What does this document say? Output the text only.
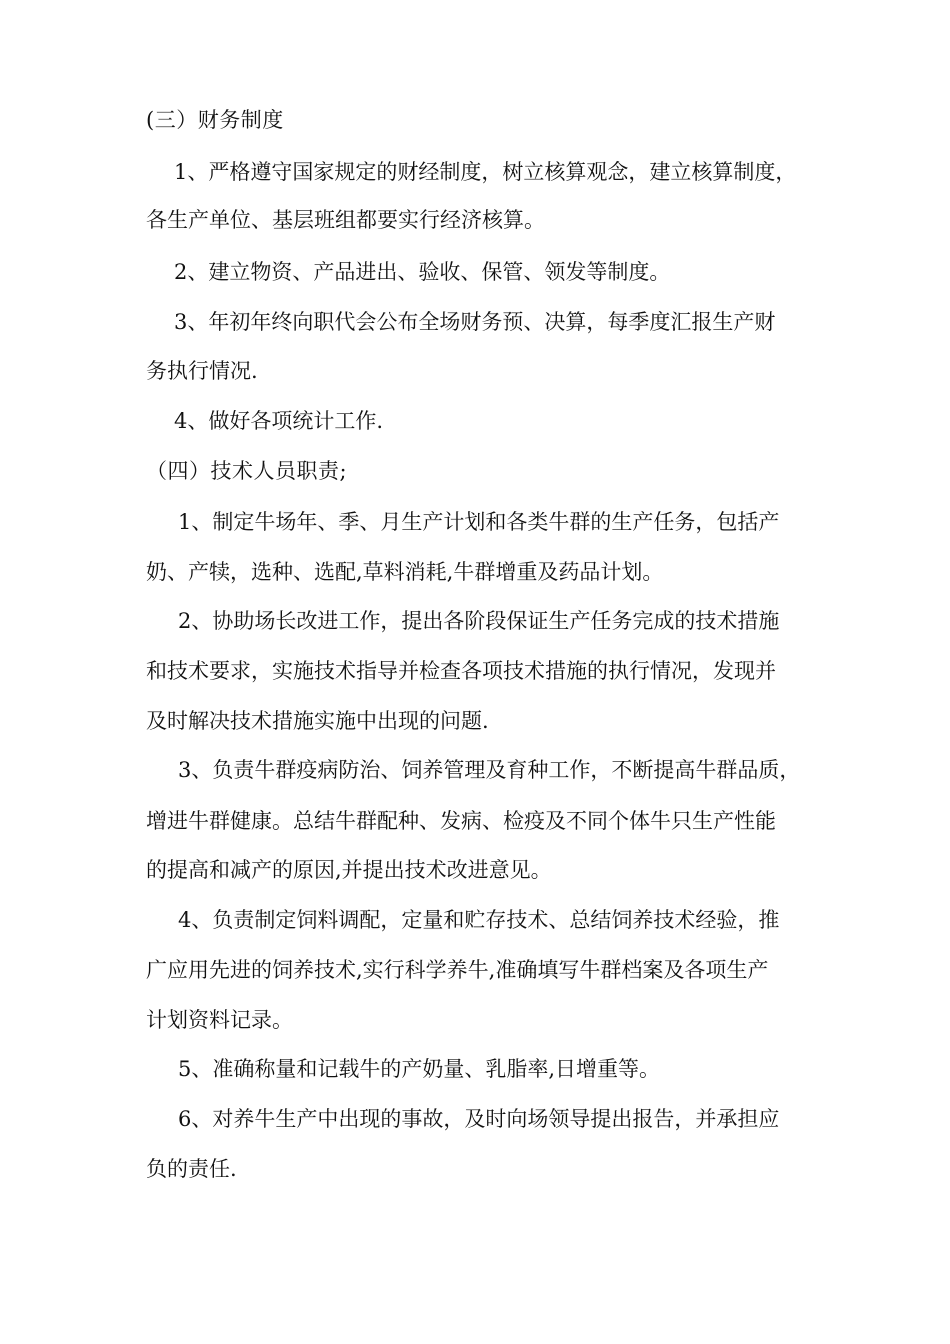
(三）财务制度
1、严格遵守国家规定的财经制度，树立核算观念，建立核算制度，
各生产单位、基层班组都要实行经济核算。
2、建立物资、产品进出、验收、保管、领发等制度。
3、年初年终向职代会公布全场财务预、决算，每季度汇报生产财
务执行情况.
4、做好各项统计工作.
（四）技术人员职责;
1、制定牛场年、季、月生产计划和各类牛群的生产任务，包括产
奶、产犊，选种、选配,草料消耗,牛群增重及药品计划。
2、协助场长改进工作，提出各阶段保证生产任务完成的技术措施
和技术要求，实施技术指导并检查各项技术措施的执行情况，发现并
及时解决技术措施实施中出现的问题.
3、负责牛群疫病防治、饲养管理及育种工作，不断提高牛群品质，
增进牛群健康。总结牛群配种、发病、检疫及不同个体牛只生产性能
的提高和减产的原因,并提出技术改进意见。
4、负责制定饲料调配，定量和贮存技术、总结饲养技术经验，推
广应用先进的饲养技术,实行科学养牛,准确填写牛群档案及各项生产
计划资料记录。
5、准确称量和记载牛的产奶量、乳脂率,日增重等。
6、对养牛生产中出现的事故，及时向场领导提出报告，并承担应
负的责任.
